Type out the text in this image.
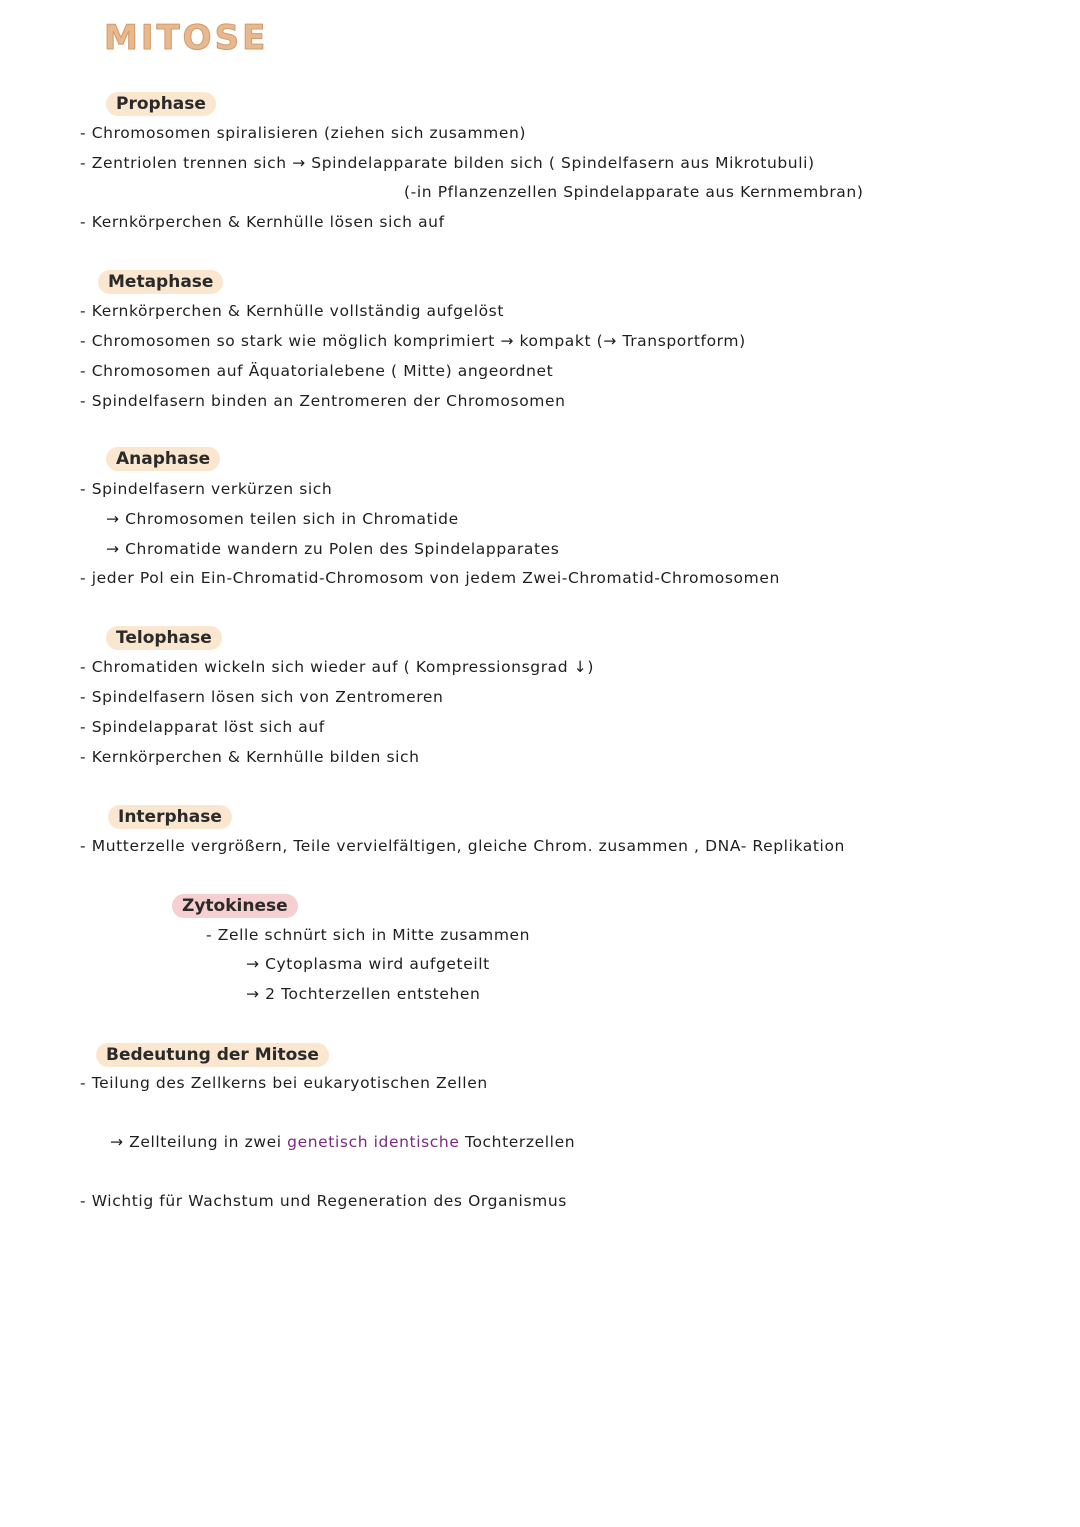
MITOSE
Prophase
- Chromosomen spiralisieren (ziehen sich zusammen)
- Zentriolen trennen sich → Spindelapparate bilden sich ( Spindelfasern aus Mikrotubuli)
(-in Pflanzenzellen Spindelapparate aus Kernmembran)
- Kernkörperchen & Kernhülle lösen sich auf
Metaphase
- Kernkörperchen & Kernhülle vollständig aufgelöst
- Chromosomen so stark wie möglich komprimiert → kompakt (→ Transportform)
- Chromosomen auf Äquatorialebene ( Mitte) angeordnet
- Spindelfasern binden an Zentromeren der Chromosomen
Anaphase
- Spindelfasern verkürzen sich
→ Chromosomen teilen sich in Chromatide
→ Chromatide wandern zu Polen des Spindelapparates
- jeder Pol ein Ein-Chromatid-Chromosom von jedem Zwei-Chromatid-Chromosomen
Telophase
- Chromatiden wickeln sich wieder auf ( Kompressionsgrad ↓)
- Spindelfasern lösen sich von Zentromeren
- Spindelapparat löst sich auf
- Kernkörperchen & Kernhülle bilden sich
Interphase
- Mutterzelle vergrößern, Teile vervielfältigen, gleiche Chrom. zusammen , DNA- Replikation
Zytokinese
- Zelle schnürt sich in Mitte zusammen
→ Cytoplasma wird aufgeteilt
→ 2 Tochterzellen entstehen
Bedeutung der Mitose
- Teilung des Zellkerns bei eukaryotischen Zellen
→ Zellteilung in zwei genetisch identische Tochterzellen
- Wichtig für Wachstum und Regeneration des Organismus
